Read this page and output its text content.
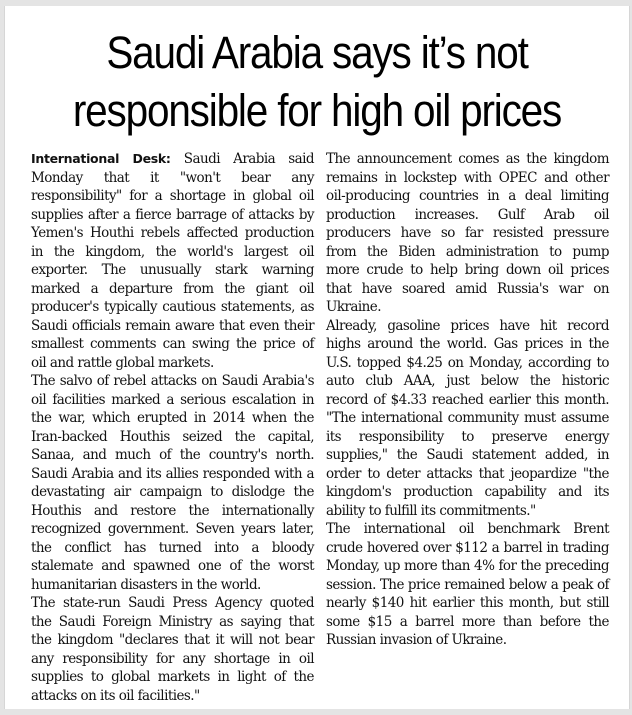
Saudi Arabia says it’s not
responsible for high oil prices

International Desk: Saudi Arabia said Monday that it "won't bear any responsibility" for a shortage in global oil supplies after a fierce barrage of attacks by Yemen's Houthi rebels affected production in the kingdom, the world's largest oil exporter. The unusually stark warning marked a departure from the giant oil producer's typically cautious statements, as Saudi officials remain aware that even their smallest comments can swing the price of oil and rattle global markets.

The salvo of rebel attacks on Saudi Arabia's oil facilities marked a serious escalation in the war, which erupted in 2014 when the Iran-backed Houthis seized the capital, Sanaa, and much of the country's north. Saudi Arabia and its allies responded with a devastating air campaign to dislodge the Houthis and restore the internationally recognized government. Seven years later, the conflict has turned into a bloody stalemate and spawned one of the worst humanitarian disasters in the world.

The state-run Saudi Press Agency quoted the Saudi Foreign Ministry as saying that the kingdom "declares that it will not bear any responsibility for any shortage in oil supplies to global markets in light of the attacks on its oil facilities."

The announcement comes as the kingdom remains in lockstep with OPEC and other oil-producing countries in a deal limiting production increases. Gulf Arab oil producers have so far resisted pressure from the Biden administration to pump more crude to help bring down oil prices that have soared amid Russia's war on Ukraine.

Already, gasoline prices have hit record highs around the world. Gas prices in the U.S. topped $4.25 on Monday, according to auto club AAA, just below the historic record of $4.33 reached earlier this month. "The international community must assume its responsibility to preserve energy supplies," the Saudi statement added, in order to deter attacks that jeopardize "the kingdom's production capability and its ability to fulfill its commitments."

The international oil benchmark Brent crude hovered over $112 a barrel in trading Monday, up more than 4% for the preceding session. The price remained below a peak of nearly $140 hit earlier this month, but still some $15 a barrel more than before the Russian invasion of Ukraine.
